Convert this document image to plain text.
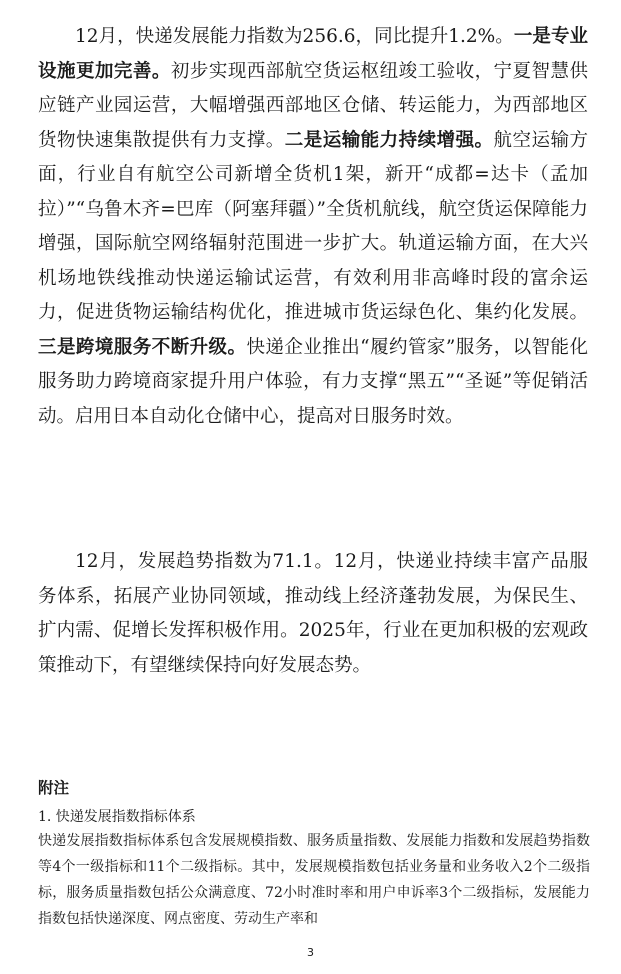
12月，快递发展能力指数为256.6，同比提升1.2%。一是专业设施更加完善。初步实现西部航空货运枢纽竣工验收，宁夏智慧供应链产业园运营，大幅增强西部地区仓储、转运能力，为西部地区货物快速集散提供有力支撑。二是运输能力持续增强。航空运输方面，行业自有航空公司新增全货机1架，新开“成都=达卡（孟加拉）”“乌鲁木齐=巴库（阿塞拜疆）”全货机航线，航空货运保障能力增强，国际航空网络辐射范围进一步扩大。轨道运输方面，在大兴机场地铁线推动快递运输试运营，有效利用非高峰时段的富余运力，促进货物运输结构优化，推进城市货运绿色化、集约化发展。三是跨境服务不断升级。快递企业推出“履约管家”服务，以智能化服务助力跨境商家提升用户体验，有力支撑“黑五”“圣诞”等促销活动。启用日本自动化仓储中心，提高对日服务时效。

12月，发展趋势指数为71.1。12月，快递业持续丰富产品服务体系，拓展产业协同领域，推动线上经济蓬勃发展，为保民生、扩内需、促增长发挥积极作用。2025年，行业在更加积极的宏观政策推动下，有望继续保持向好发展态势。

附注

1. 快递发展指数指标体系

快递发展指数指标体系包含发展规模指数、服务质量指数、发展能力指数和发展趋势指数等4个一级指标和11个二级指标。其中，发展规模指数包括业务量和业务收入2个二级指标，服务质量指数包括公众满意度、72小时准时率和用户申诉率3个二级指标，发展能力指数包括快递深度、网点密度、劳动生产率和

3
